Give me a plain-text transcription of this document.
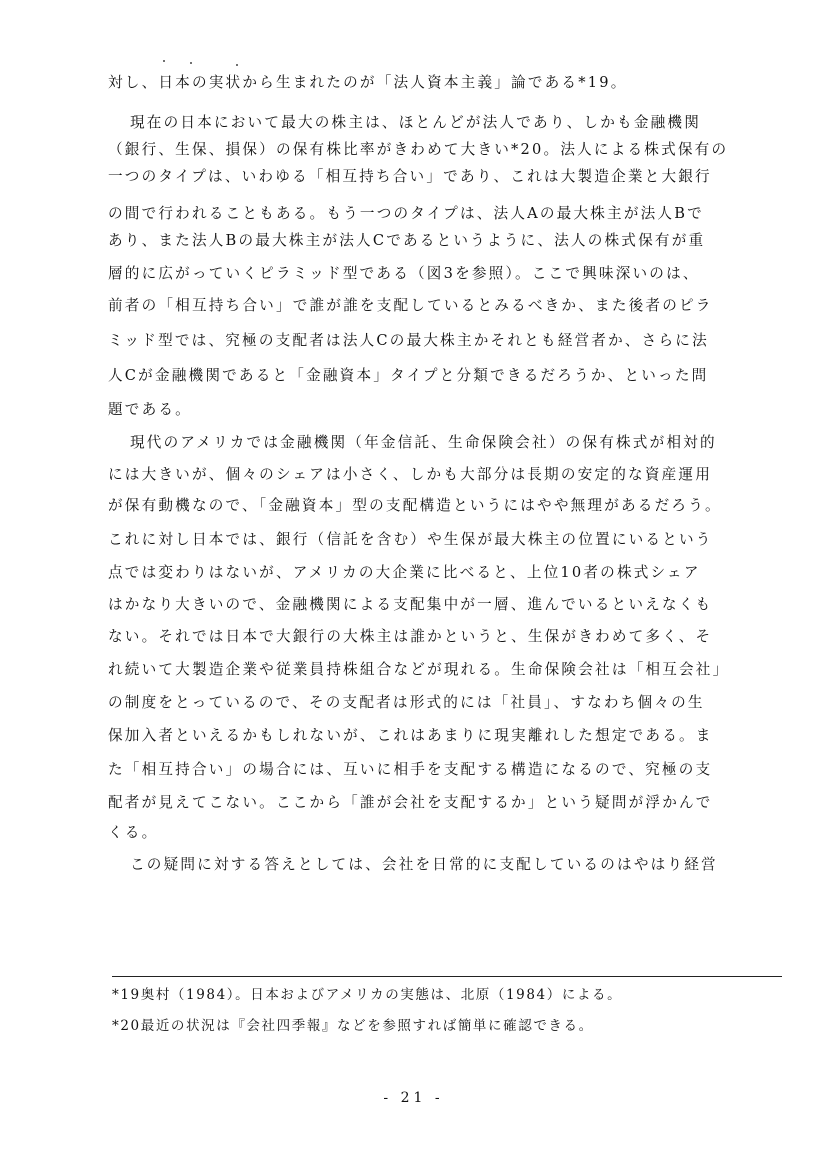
対し、日本の実状から生まれたのが「法人資本主義」論である*19。
現在の日本において最大の株主は、ほとんどが法人であり、しかも金融機関
（銀行、生保、損保）の保有株比率がきわめて大きい*20。法人による株式保有の
一つのタイプは、いわゆる「相互持ち合い」であり、これは大製造企業と大銀行
の間で行われることもある。もう一つのタイプは、法人Aの最大株主が法人Bで
あり、また法人Bの最大株主が法人Cであるというように、法人の株式保有が重
層的に広がっていくピラミッド型である（図3を参照）。ここで興味深いのは、
前者の「相互持ち合い」で誰が誰を支配しているとみるべきか、また後者のピラ
ミッド型では、究極の支配者は法人Cの最大株主かそれとも経営者か、さらに法
人Cが金融機関であると「金融資本」タイプと分類できるだろうか、といった問
題である。
現代のアメリカでは金融機関（年金信託、生命保険会社）の保有株式が相対的
には大きいが、個々のシェアは小さく、しかも大部分は長期の安定的な資産運用
が保有動機なので、「金融資本」型の支配構造というにはやや無理があるだろう。
これに対し日本では、銀行（信託を含む）や生保が最大株主の位置にいるという
点では変わりはないが、アメリカの大企業に比べると、上位10者の株式シェア
はかなり大きいので、金融機関による支配集中が一層、進んでいるといえなくも
ない。それでは日本で大銀行の大株主は誰かというと、生保がきわめて多く、そ
れ続いて大製造企業や従業員持株組合などが現れる。生命保険会社は「相互会社」
の制度をとっているので、その支配者は形式的には「社員」、すなわち個々の生
保加入者といえるかもしれないが、これはあまりに現実離れした想定である。ま
た「相互持合い」の場合には、互いに相手を支配する構造になるので、究極の支
配者が見えてこない。ここから「誰が会社を支配するか」という疑問が浮かんで
くる。
この疑問に対する答えとしては、会社を日常的に支配しているのはやはり経営
*19奥村（1984）。日本およびアメリカの実態は、北原（1984）による。
*20最近の状況は『会社四季報』などを参照すれば簡単に確認できる。
- 21 -
